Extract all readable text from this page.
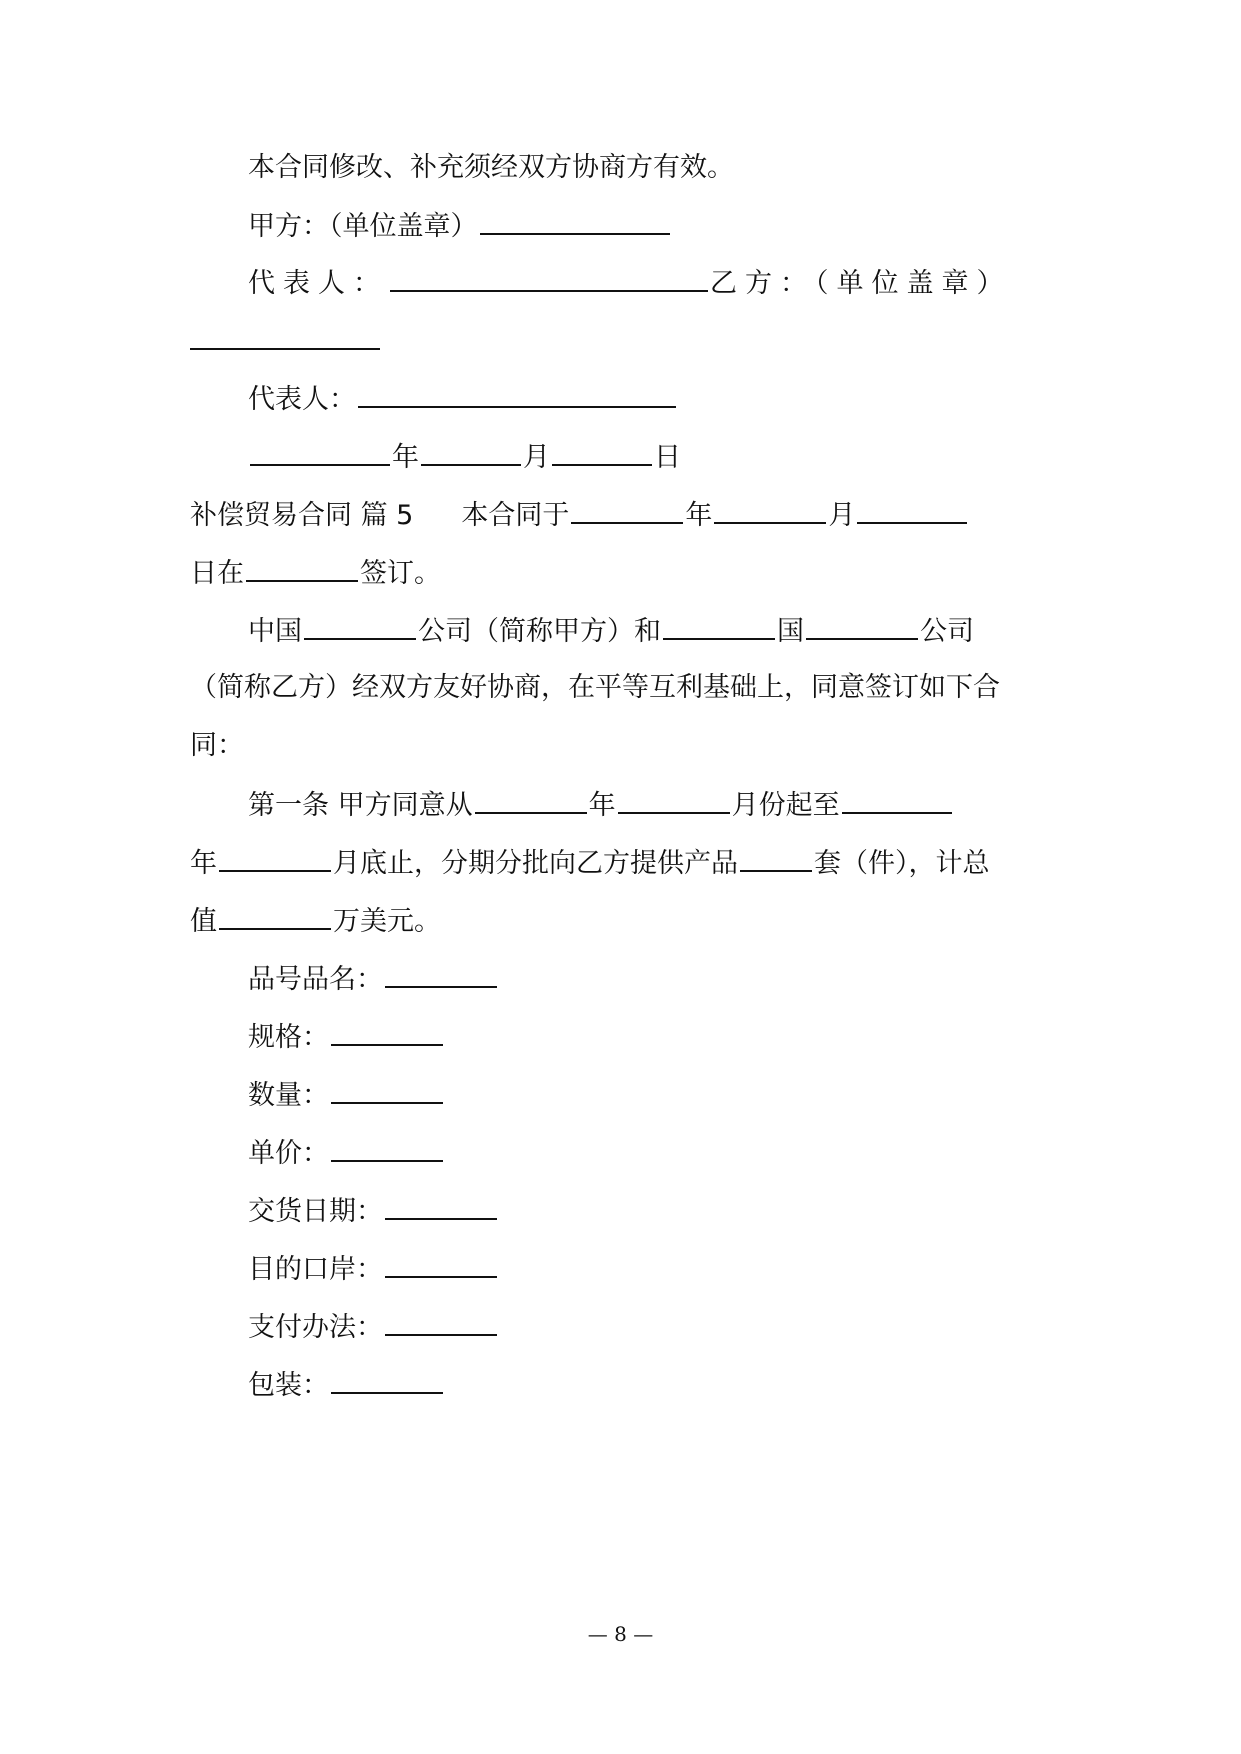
本合同修改、补充须经双方协商方有效。
甲方：（单位盖章）
代表人：	乙方：（单位盖章）
代表人：
年	月	日
补偿贸易合同 篇 5 本合同于	年	月
日在	签订。
中国	公司（简称甲方）和	国	公司
（简称乙方）经双方友好协商，在平等互利基础上，同意签订如下合
同：
第一条 甲方同意从	年	月份起至
年	月底止，分期分批向乙方提供产品	套（件），计总
值	万美元。
品号品名：
规格：
数量：
单价：
交货日期：
目的口岸：
支付办法：
包装：
— 8 —
